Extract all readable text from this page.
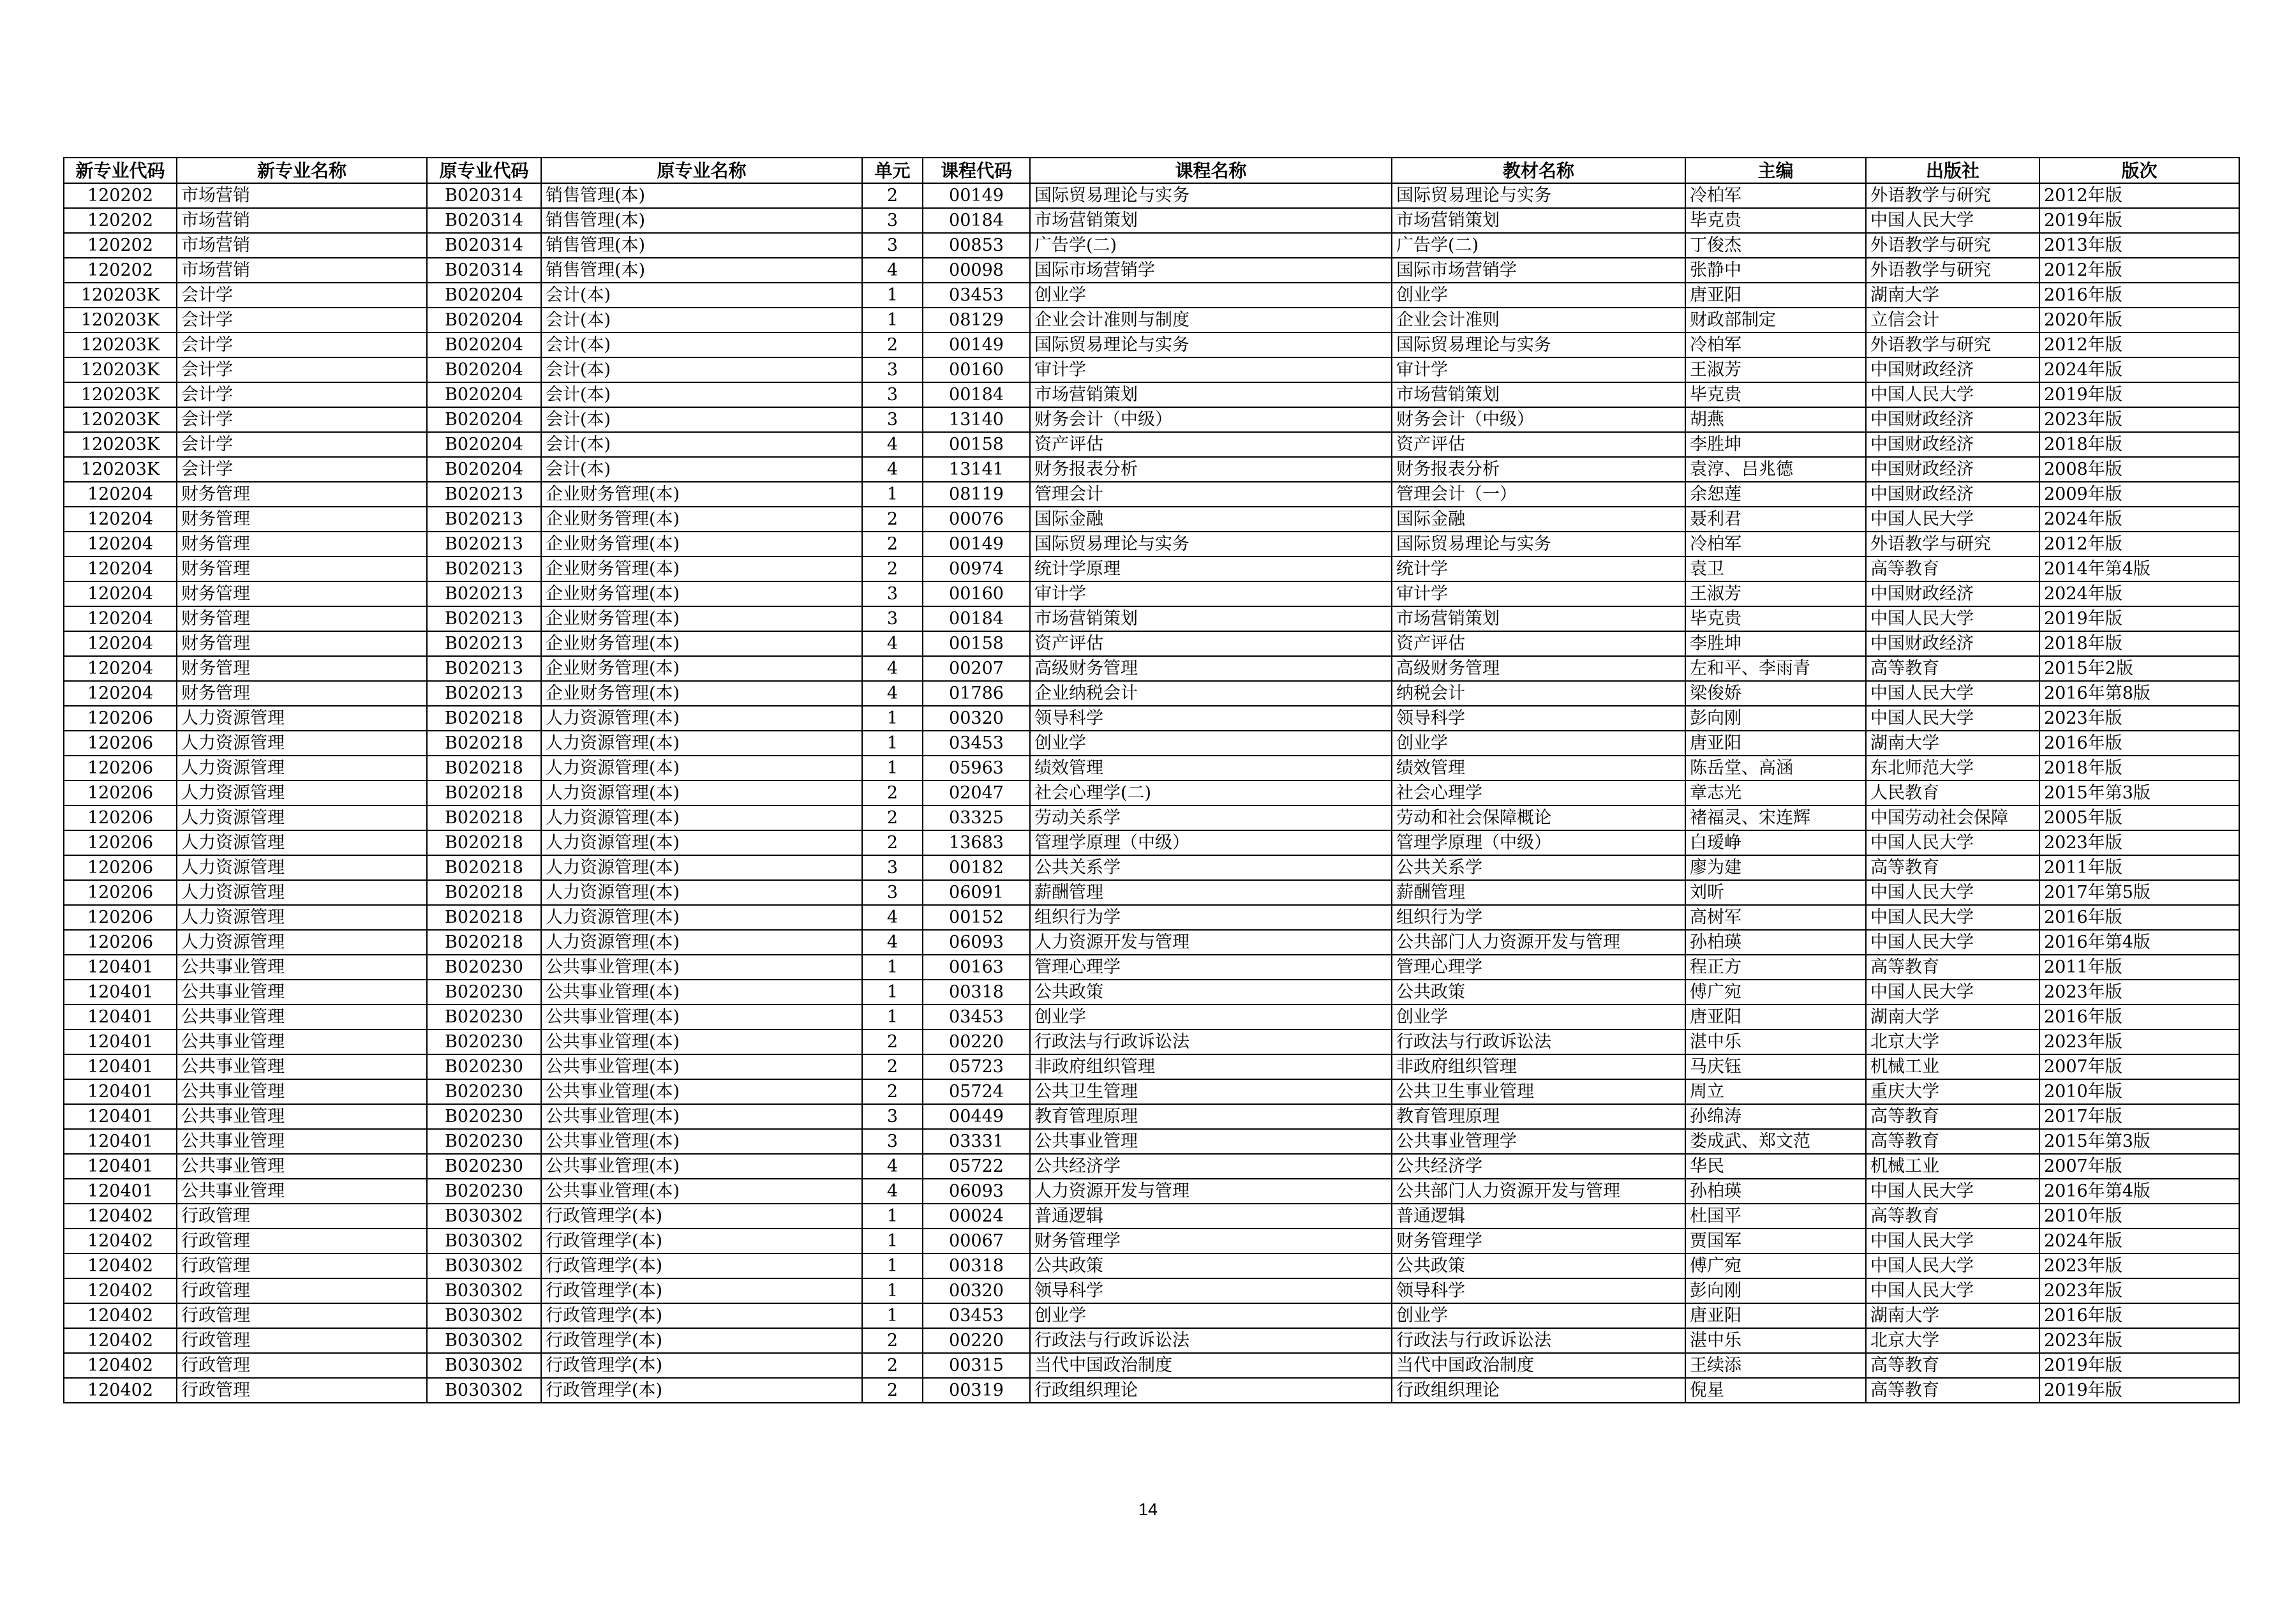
新专业代码	新专业名称	原专业代码	原专业名称	单元	课程代码	课程名称	教材名称	主编	出版社	版次
120202	市场营销	B020314	销售管理(本)	2	00149	国际贸易理论与实务	国际贸易理论与实务	冷柏军	外语教学与研究	2012年版
120202	市场营销	B020314	销售管理(本)	3	00184	市场营销策划	市场营销策划	毕克贵	中国人民大学	2019年版
120202	市场营销	B020314	销售管理(本)	3	00853	广告学(二)	广告学(二)	丁俊杰	外语教学与研究	2013年版
120202	市场营销	B020314	销售管理(本)	4	00098	国际市场营销学	国际市场营销学	张静中	外语教学与研究	2012年版
120203K	会计学	B020204	会计(本)	1	03453	创业学	创业学	唐亚阳	湖南大学	2016年版
120203K	会计学	B020204	会计(本)	1	08129	企业会计准则与制度	企业会计准则	财政部制定	立信会计	2020年版
120203K	会计学	B020204	会计(本)	2	00149	国际贸易理论与实务	国际贸易理论与实务	冷柏军	外语教学与研究	2012年版
120203K	会计学	B020204	会计(本)	3	00160	审计学	审计学	王淑芳	中国财政经济	2024年版
120203K	会计学	B020204	会计(本)	3	00184	市场营销策划	市场营销策划	毕克贵	中国人民大学	2019年版
120203K	会计学	B020204	会计(本)	3	13140	财务会计（中级）	财务会计（中级）	胡燕	中国财政经济	2023年版
120203K	会计学	B020204	会计(本)	4	00158	资产评估	资产评估	李胜坤	中国财政经济	2018年版
120203K	会计学	B020204	会计(本)	4	13141	财务报表分析	财务报表分析	袁淳、吕兆德	中国财政经济	2008年版
120204	财务管理	B020213	企业财务管理(本)	1	08119	管理会计	管理会计（一）	余恕莲	中国财政经济	2009年版
120204	财务管理	B020213	企业财务管理(本)	2	00076	国际金融	国际金融	聂利君	中国人民大学	2024年版
120204	财务管理	B020213	企业财务管理(本)	2	00149	国际贸易理论与实务	国际贸易理论与实务	冷柏军	外语教学与研究	2012年版
120204	财务管理	B020213	企业财务管理(本)	2	00974	统计学原理	统计学	袁卫	高等教育	2014年第4版
120204	财务管理	B020213	企业财务管理(本)	3	00160	审计学	审计学	王淑芳	中国财政经济	2024年版
120204	财务管理	B020213	企业财务管理(本)	3	00184	市场营销策划	市场营销策划	毕克贵	中国人民大学	2019年版
120204	财务管理	B020213	企业财务管理(本)	4	00158	资产评估	资产评估	李胜坤	中国财政经济	2018年版
120204	财务管理	B020213	企业财务管理(本)	4	00207	高级财务管理	高级财务管理	左和平、李雨青	高等教育	2015年2版
120204	财务管理	B020213	企业财务管理(本)	4	01786	企业纳税会计	纳税会计	梁俊娇	中国人民大学	2016年第8版
120206	人力资源管理	B020218	人力资源管理(本)	1	00320	领导科学	领导科学	彭向刚	中国人民大学	2023年版
120206	人力资源管理	B020218	人力资源管理(本)	1	03453	创业学	创业学	唐亚阳	湖南大学	2016年版
120206	人力资源管理	B020218	人力资源管理(本)	1	05963	绩效管理	绩效管理	陈岳堂、高涵	东北师范大学	2018年版
120206	人力资源管理	B020218	人力资源管理(本)	2	02047	社会心理学(二)	社会心理学	章志光	人民教育	2015年第3版
120206	人力资源管理	B020218	人力资源管理(本)	2	03325	劳动关系学	劳动和社会保障概论	褚福灵、宋连辉	中国劳动社会保障	2005年版
120206	人力资源管理	B020218	人力资源管理(本)	2	13683	管理学原理（中级）	管理学原理（中级）	白瑷峥	中国人民大学	2023年版
120206	人力资源管理	B020218	人力资源管理(本)	3	00182	公共关系学	公共关系学	廖为建	高等教育	2011年版
120206	人力资源管理	B020218	人力资源管理(本)	3	06091	薪酬管理	薪酬管理	刘昕	中国人民大学	2017年第5版
120206	人力资源管理	B020218	人力资源管理(本)	4	00152	组织行为学	组织行为学	高树军	中国人民大学	2016年版
120206	人力资源管理	B020218	人力资源管理(本)	4	06093	人力资源开发与管理	公共部门人力资源开发与管理	孙柏瑛	中国人民大学	2016年第4版
120401	公共事业管理	B020230	公共事业管理(本)	1	00163	管理心理学	管理心理学	程正方	高等教育	2011年版
120401	公共事业管理	B020230	公共事业管理(本)	1	00318	公共政策	公共政策	傅广宛	中国人民大学	2023年版
120401	公共事业管理	B020230	公共事业管理(本)	1	03453	创业学	创业学	唐亚阳	湖南大学	2016年版
120401	公共事业管理	B020230	公共事业管理(本)	2	00220	行政法与行政诉讼法	行政法与行政诉讼法	湛中乐	北京大学	2023年版
120401	公共事业管理	B020230	公共事业管理(本)	2	05723	非政府组织管理	非政府组织管理	马庆钰	机械工业	2007年版
120401	公共事业管理	B020230	公共事业管理(本)	2	05724	公共卫生管理	公共卫生事业管理	周立	重庆大学	2010年版
120401	公共事业管理	B020230	公共事业管理(本)	3	00449	教育管理原理	教育管理原理	孙绵涛	高等教育	2017年版
120401	公共事业管理	B020230	公共事业管理(本)	3	03331	公共事业管理	公共事业管理学	娄成武、郑文范	高等教育	2015年第3版
120401	公共事业管理	B020230	公共事业管理(本)	4	05722	公共经济学	公共经济学	华民	机械工业	2007年版
120401	公共事业管理	B020230	公共事业管理(本)	4	06093	人力资源开发与管理	公共部门人力资源开发与管理	孙柏瑛	中国人民大学	2016年第4版
120402	行政管理	B030302	行政管理学(本)	1	00024	普通逻辑	普通逻辑	杜国平	高等教育	2010年版
120402	行政管理	B030302	行政管理学(本)	1	00067	财务管理学	财务管理学	贾国军	中国人民大学	2024年版
120402	行政管理	B030302	行政管理学(本)	1	00318	公共政策	公共政策	傅广宛	中国人民大学	2023年版
120402	行政管理	B030302	行政管理学(本)	1	00320	领导科学	领导科学	彭向刚	中国人民大学	2023年版
120402	行政管理	B030302	行政管理学(本)	1	03453	创业学	创业学	唐亚阳	湖南大学	2016年版
120402	行政管理	B030302	行政管理学(本)	2	00220	行政法与行政诉讼法	行政法与行政诉讼法	湛中乐	北京大学	2023年版
120402	行政管理	B030302	行政管理学(本)	2	00315	当代中国政治制度	当代中国政治制度	王续添	高等教育	2019年版
120402	行政管理	B030302	行政管理学(本)	2	00319	行政组织理论	行政组织理论	倪星	高等教育	2019年版
14
